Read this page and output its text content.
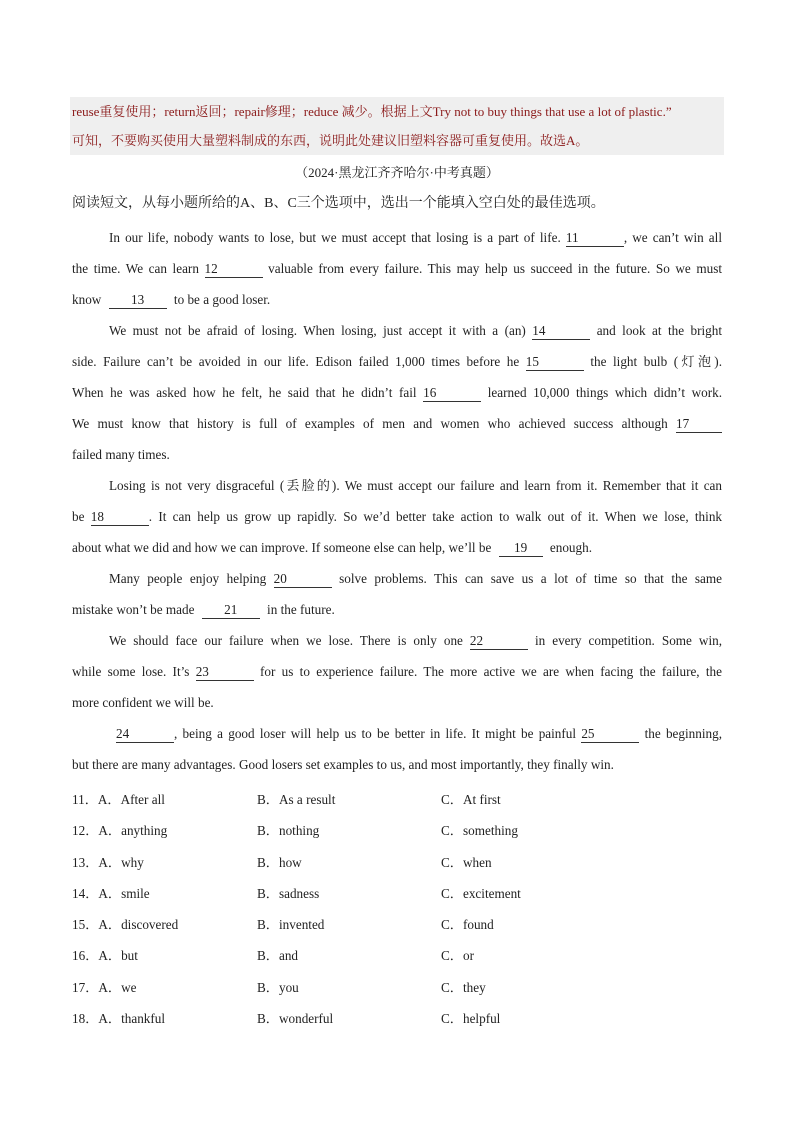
reuse重复使用；return返回；repair修理；reduce 减少。根据上文Try not to buy things that use a lot of plastic.”
可知，不要购买使用大量塑料制成的东西，说明此处建议旧塑料容器可重复使用。故选A。
（2024·黑龙江齐齐哈尔·中考真题）
阅读短文，从每小题所给的A、B、C三个选项中，选出一个能填入空白处的最佳选项。
In our life, nobody wants to lose, but we must accept that losing is a part of life. 11	, we can’t win all
the time. We can learn 12	valuable from every failure. This may help us succeed in the future. So we must
know 13 to be a good loser.
We must not be afraid of losing. When losing, just accept it with a (an) 14	and look at the bright
side. Failure can’t be avoided in our life. Edison failed 1,000 times before he 15	the light bulb (灯泡).
When he was asked how he felt, he said that he didn’t fail 16	learned 10,000 things which didn’t work.
We must know that history is full of examples of men and women who achieved success although 17
failed many times.
Losing is not very disgraceful (丢脸的). We must accept our failure and learn from it. Remember that it can
be 18	. It can help us grow up rapidly. So we’d better take action to walk out of it. When we lose, think
about what we did and how we can improve. If someone else can help, we’ll be 19 enough.
Many people enjoy helping 20	solve problems. This can save us a lot of time so that the same
mistake won’t be made 21 in the future.
We should face our failure when we lose. There is only one 22	in every competition. Some win,
while some lose. It’s 23	for us to experience failure. The more active we are when facing the failure, the
more confident we will be.
24	, being a good loser will help us to be better in life. It might be painful 25	the beginning,
but there are many advantages. Good losers set examples to us, and most importantly, they finally win.
11．A．After all	B．As a result	C．At first
12．A．anything	B．nothing	C．something
13．A．why	B．how	C．when
14．A．smile	B．sadness	C．excitement
15．A．discovered	B．invented	C．found
16．A．but	B．and	C．or
17．A．we	B．you	C．they
18．A．thankful	B．wonderful	C．helpful
